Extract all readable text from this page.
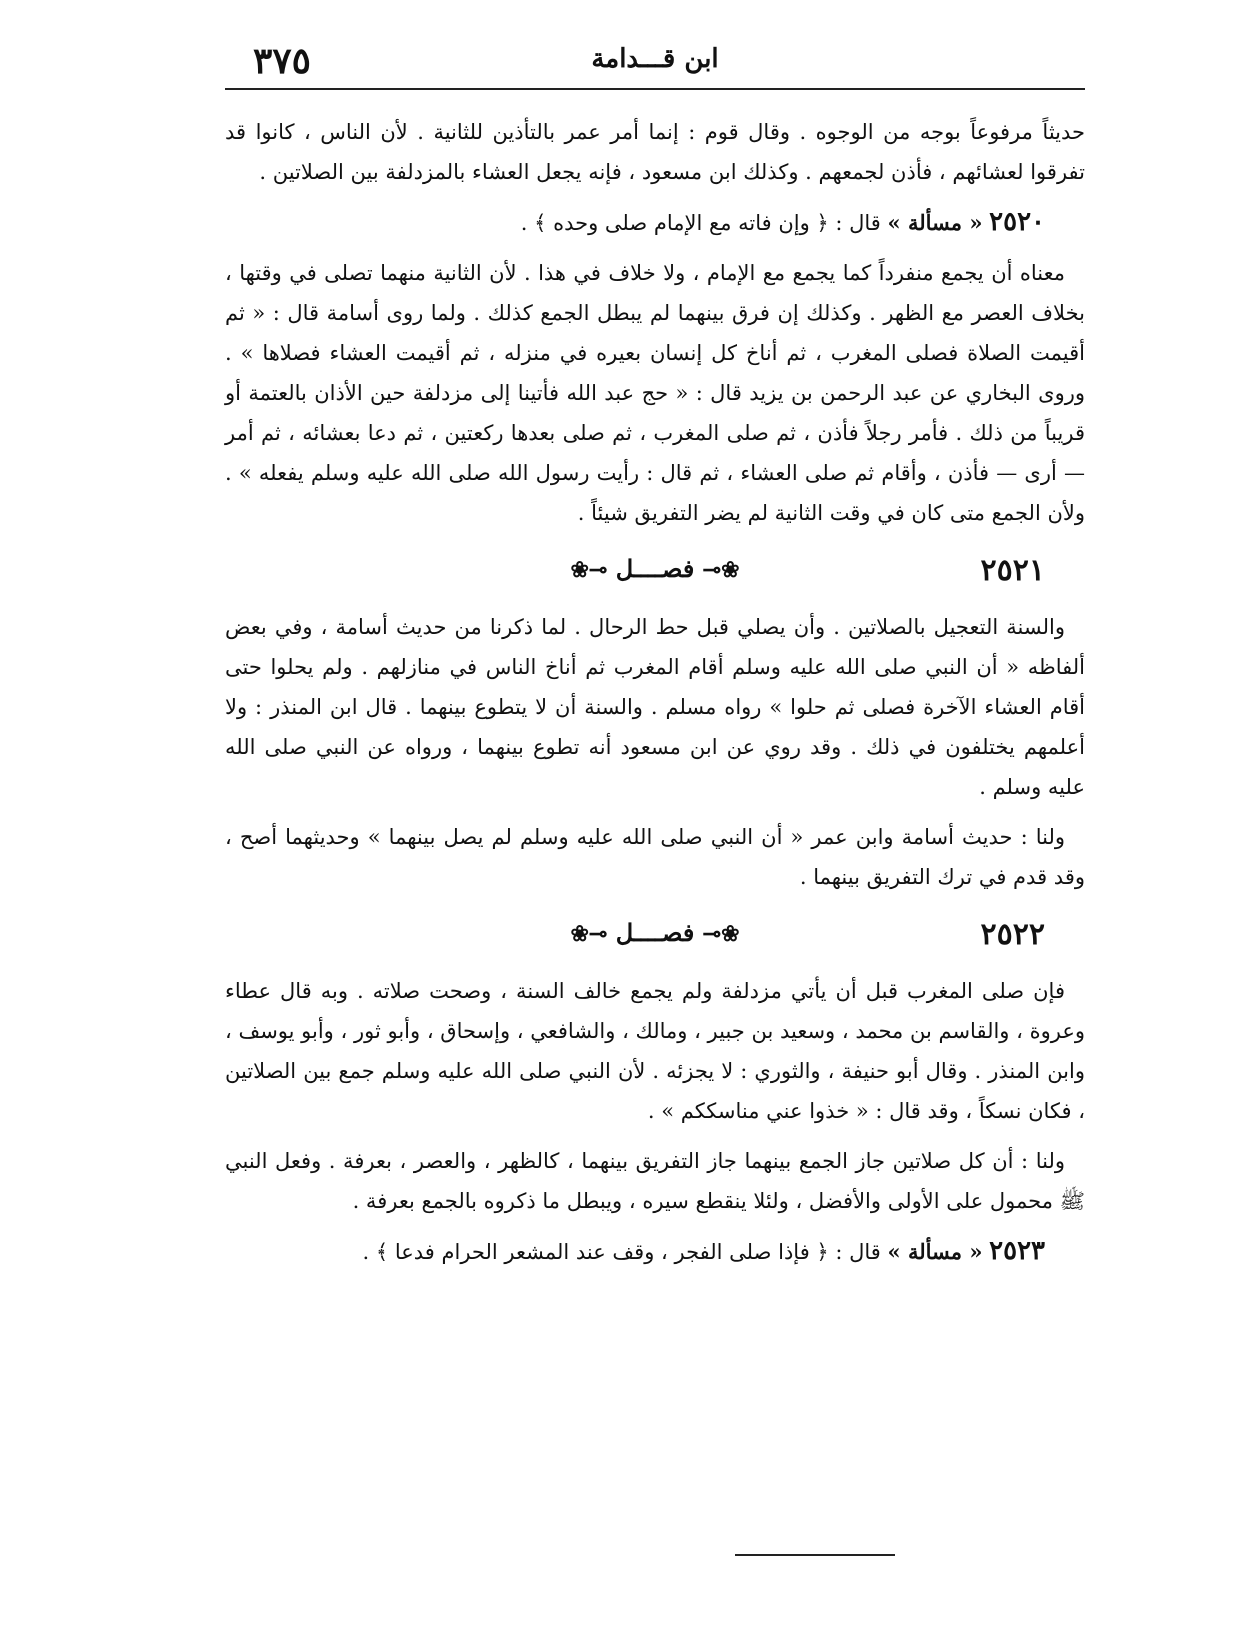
٣٧٥	ابن قـــدامة

حديثاً مرفوعاً بوجه من الوجوه . وقال قوم : إنما أمر عمر بالتأذين للثانية . لأن الناس ، كانوا قد تفرقوا لعشائهم ، فأذن لجمعهم . وكذلك ابن مسعود ، فإنه يجعل العشاء بالمزدلفة بين الصلاتين .

٢٥٢٠ « مسألة » قال : ﴿ وإن فاته مع الإمام صلى وحده ﴾ .

معناه أن يجمع منفرداً كما يجمع مع الإمام ، ولا خلاف في هذا . لأن الثانية منهما تصلى في وقتها ، بخلاف العصر مع الظهر . وكذلك إن فرق بينهما لم يبطل الجمع كذلك . ولما روى أسامة قال : « ثم أقيمت الصلاة فصلى المغرب ، ثم أناخ كل إنسان بعيره في منزله ، ثم أقيمت العشاء فصلاها » . وروى البخاري عن عبد الرحمن بن يزيد قال : « حج عبد الله فأتينا إلى مزدلفة حين الأذان بالعتمة أو قريباً من ذلك . فأمر رجلاً فأذن ، ثم صلى المغرب ، ثم صلى بعدها ركعتين ، ثم دعا بعشائه ، ثم أمر — أرى — فأذن ، وأقام ثم صلى العشاء ، ثم قال : رأيت رسول الله صلى الله عليه وسلم يفعله » . ولأن الجمع متى كان في وقت الثانية لم يضر التفريق شيئاً .

٢٥٢١
❀⟜ فصــــل ⊸❀

والسنة التعجيل بالصلاتين . وأن يصلي قبل حط الرحال . لما ذكرنا من حديث أسامة ، وفي بعض ألفاظه « أن النبي صلى الله عليه وسلم أقام المغرب ثم أناخ الناس في منازلهم . ولم يحلوا حتى أقام العشاء الآخرة فصلى ثم حلوا » رواه مسلم . والسنة أن لا يتطوع بينهما . قال ابن المنذر : ولا أعلمهم يختلفون في ذلك . وقد روي عن ابن مسعود أنه تطوع بينهما ، ورواه عن النبي صلى الله عليه وسلم .

ولنا : حديث أسامة وابن عمر « أن النبي صلى الله عليه وسلم لم يصل بينهما » وحديثهما أصح ، وقد قدم في ترك التفريق بينهما .

٢٥٢٢
❀⟜ فصــــل ⊸❀

فإن صلى المغرب قبل أن يأتي مزدلفة ولم يجمع خالف السنة ، وصحت صلاته . وبه قال عطاء وعروة ، والقاسم بن محمد ، وسعيد بن جبير ، ومالك ، والشافعي ، وإسحاق ، وأبو ثور ، وأبو يوسف ، وابن المنذر . وقال أبو حنيفة ، والثوري : لا يجزئه . لأن النبي صلى الله عليه وسلم جمع بين الصلاتين ، فكان نسكاً ، وقد قال : « خذوا عني مناسككم » .

ولنا : أن كل صلاتين جاز الجمع بينهما جاز التفريق بينهما ، كالظهر ، والعصر ، بعرفة . وفعل النبي ﷺ محمول على الأولى والأفضل ، ولئلا ينقطع سيره ، ويبطل ما ذكروه بالجمع بعرفة .

٢٥٢٣ « مسألة » قال : ﴿ فإذا صلى الفجر ، وقف عند المشعر الحرام فدعا ﴾ .
